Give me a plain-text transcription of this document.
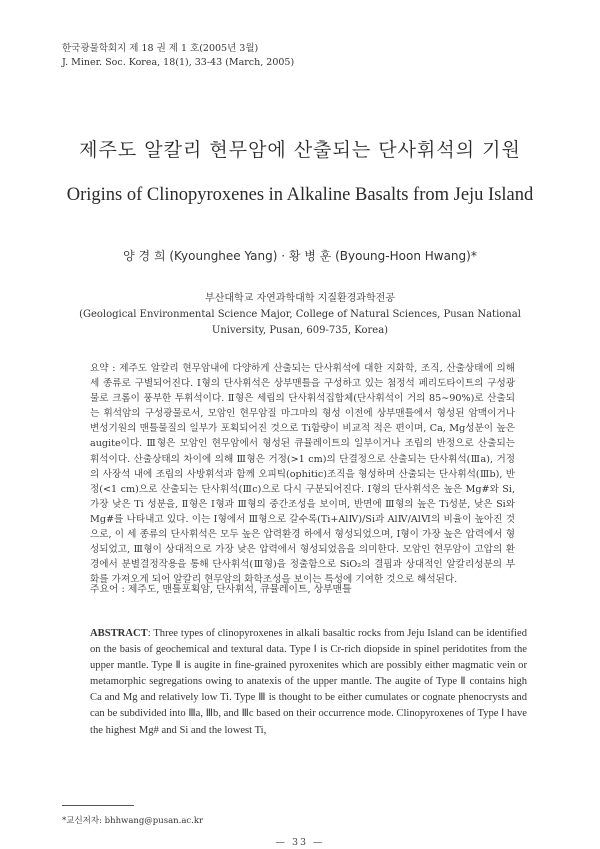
한국광물학회지 제 18 권 제 1 호(2005년 3월)
J. Miner. Soc. Korea, 18(1), 33-43 (March, 2005)
제주도 알칼리 현무암에 산출되는 단사휘석의 기원
Origins of Clinopyroxenes in Alkaline Basalts from Jeju Island
양 경 희 (Kyounghee Yang) · 황 병 훈 (Byoung-Hoon Hwang)*
부산대학교 자연과학대학 지질환경과학전공
(Geological Environmental Science Major, College of Natural Sciences, Pusan National University, Pusan, 609-735, Korea)
요약 : 제주도 알칼리 현무암내에 다양하게 산출되는 단사휘석에 대한 지화학, 조직, 산출상태에 의해 세 종류로 구별되어진다. Ⅰ형의 단사휘석은 상부맨틀을 구성하고 있는 첨정석 페리도타이트의 구성광물로 크롬이 풍부한 투휘석이다. Ⅱ형은 세립의 단사휘석집합체(단사휘석이 거의 85∼90%)로 산출되는 휘석암의 구성광물로서, 모암인 현무암질 마그마의 형성 이전에 상부맨틀에서 형성된 암맥이거나 변성기원의 맨틀물질의 일부가 포획되어진 것으로 Ti함량이 비교적 적은 편이며, Ca, Mg성분이 높은 augite이다. Ⅲ형은 모암인 현무암에서 형성된 큐뮬레이트의 일부이거나 조립의 반정으로 산출되는 휘석이다. 산출상태의 차이에 의해 Ⅲ형은 거정(>1 cm)의 단결정으로 산출되는 단사휘석(Ⅲa), 거정의 사장석 내에 조립의 사방휘석과 함께 오피틱(ophitic)조직을 형성하며 산출되는 단사휘석(Ⅲb), 반정(<1 cm)으로 산출되는 단사휘석(Ⅲc)으로 다시 구분되어진다. Ⅰ형의 단사휘석은 높은 Mg#와 Si, 가장 낮은 Ti 성분을, Ⅱ형은 Ⅰ형과 Ⅲ형의 중간조성을 보이며, 반면에 Ⅲ형의 높은 Ti성분, 낮은 Si와 Mg#를 나타내고 있다. 이는 Ⅰ형에서 Ⅲ형으로 갈수록(Ti+AlⅣ)/Si과 AlⅣ/AlⅥ의 비율이 높아진 것으로, 이 세 종류의 단사휘석은 모두 높은 압력환경 하에서 형성되었으며, Ⅰ형이 가장 높은 압력에서 형성되었고, Ⅲ형이 상대적으로 가장 낮은 압력에서 형성되었음을 의미한다. 모암인 현무암이 고압의 환경에서 분별결정작용을 통해 단사휘석(Ⅲ형)을 정출함으로 SiO₂의 결핍과 상대적인 알칼리성분의 부화를 가져오게 되어 알칼리 현무암의 화학조성을 보이는 특성에 기여한 것으로 해석된다.
주요어 : 제주도, 맨틀포획암, 단사휘석, 큐뮬레이트, 상부맨틀
ABSTRACT: Three types of clinopyroxenes in alkali basaltic rocks from Jeju Island can be identified on the basis of geochemical and textural data. Type Ⅰ is Cr-rich diopside in spinel peridotites from the upper mantle. Type Ⅱ is augite in fine-grained pyroxenites which are possibly either magmatic vein or metamorphic segregations owing to anatexis of the upper mantle. The augite of Type Ⅱ contains high Ca and Mg and relatively low Ti. Type Ⅲ is thought to be either cumulates or cognate phenocrysts and can be subdivided into Ⅲa, Ⅲb, and Ⅲc based on their occurrence mode. Clinopyroxenes of Type Ⅰ have the highest Mg# and Si and the lowest Ti,
*교신저자: bhhwang@pusan.ac.kr
— 33 —
